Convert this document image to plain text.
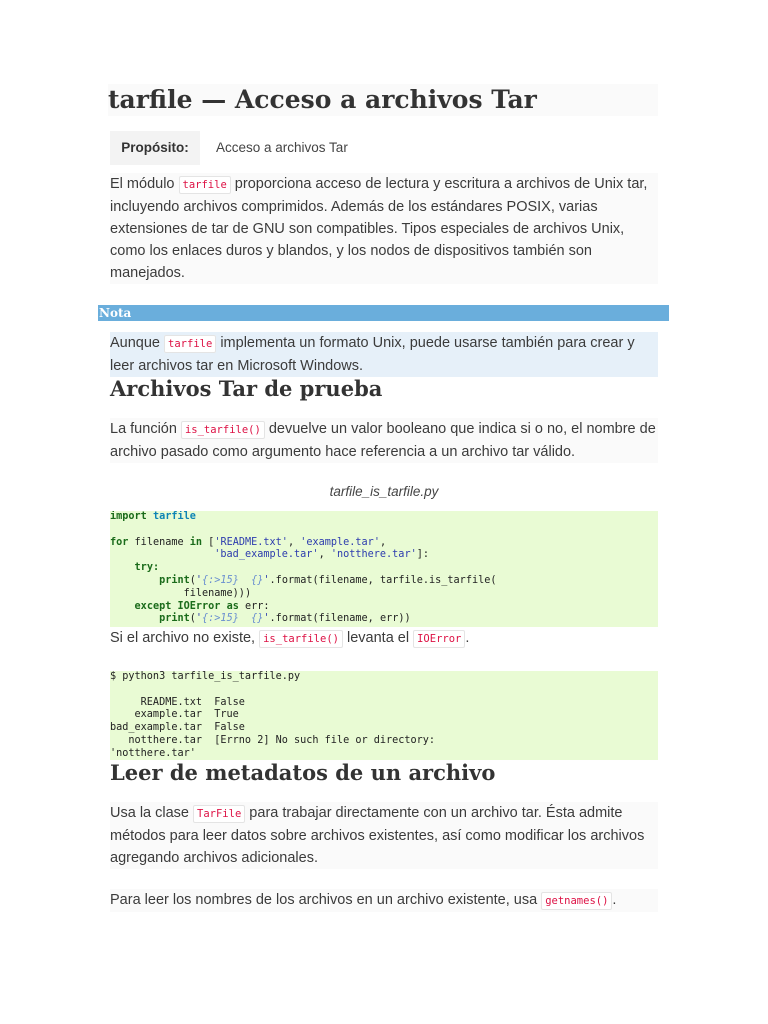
tarfile — Acceso a archivos Tar
Propósito:	Acceso a archivos Tar

El módulo tarfile proporciona acceso de lectura y escritura a archivos de Unix tar, incluyendo archivos comprimidos. Además de los estándares POSIX, varias extensiones de tar de GNU son compatibles. Tipos especiales de archivos Unix, como los enlaces duros y blandos, y los nodos de dispositivos también son manejados.

Nota

Aunque tarfile implementa un formato Unix, puede usarse también para crear y leer archivos tar en Microsoft Windows.

Archivos Tar de prueba

La función is_tarfile() devuelve un valor booleano que indica si o no, el nombre de archivo pasado como argumento hace referencia a un archivo tar válido.

tarfile_is_tarfile.py
import tarfile

for filename in ['README.txt', 'example.tar',
'bad_example.tar', 'notthere.tar']:
try:
print('{:>15} {}'.format(filename, tarfile.is_tarfile(
filename)))
except IOError as err:
print('{:>15} {}'.format(filename, err))

Si el archivo no existe, is_tarfile() levanta el IOError .

$ python3 tarfile_is_tarfile.py

README.txt  False
example.tar  True
bad_example.tar  False
notthere.tar  [Errno 2] No such file or directory:
'notthere.tar'
Leer de metadatos de un archivo

Usa la clase TarFile para trabajar directamente con un archivo tar. Ésta admite métodos para leer datos sobre archivos existentes, así como modificar los archivos agregando archivos adicionales.

Para leer los nombres de los archivos en un archivo existente, usa getnames() .
